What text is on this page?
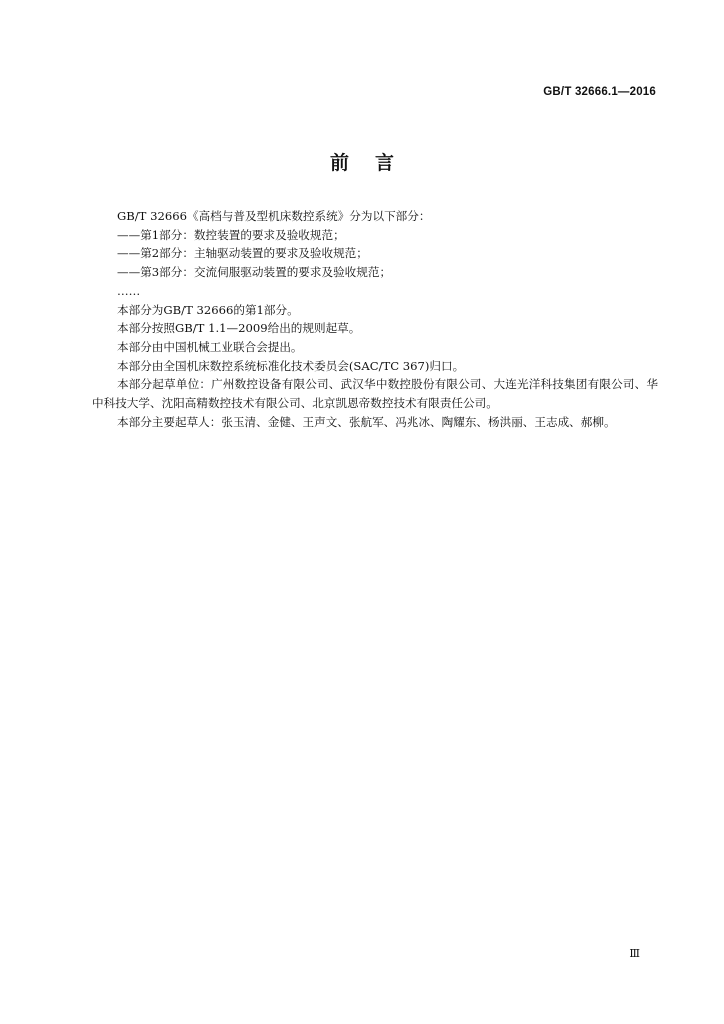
GB/T 32666.1—2016
前言
GB/T 32666《高档与普及型机床数控系统》分为以下部分：
——第1部分：数控装置的要求及验收规范；
——第2部分：主轴驱动装置的要求及验收规范；
——第3部分：交流伺服驱动装置的要求及验收规范；
……
本部分为GB/T 32666的第1部分。
本部分按照GB/T 1.1—2009给出的规则起草。
本部分由中国机械工业联合会提出。
本部分由全国机床数控系统标准化技术委员会(SAC/TC 367)归口。
本部分起草单位：广州数控设备有限公司、武汉华中数控股份有限公司、大连光洋科技集团有限公司、华中科技大学、沈阳高精数控技术有限公司、北京凯恩帝数控技术有限责任公司。
本部分主要起草人：张玉清、金健、王声文、张航军、冯兆冰、陶耀东、杨洪丽、王志成、郝柳。
Ⅲ
